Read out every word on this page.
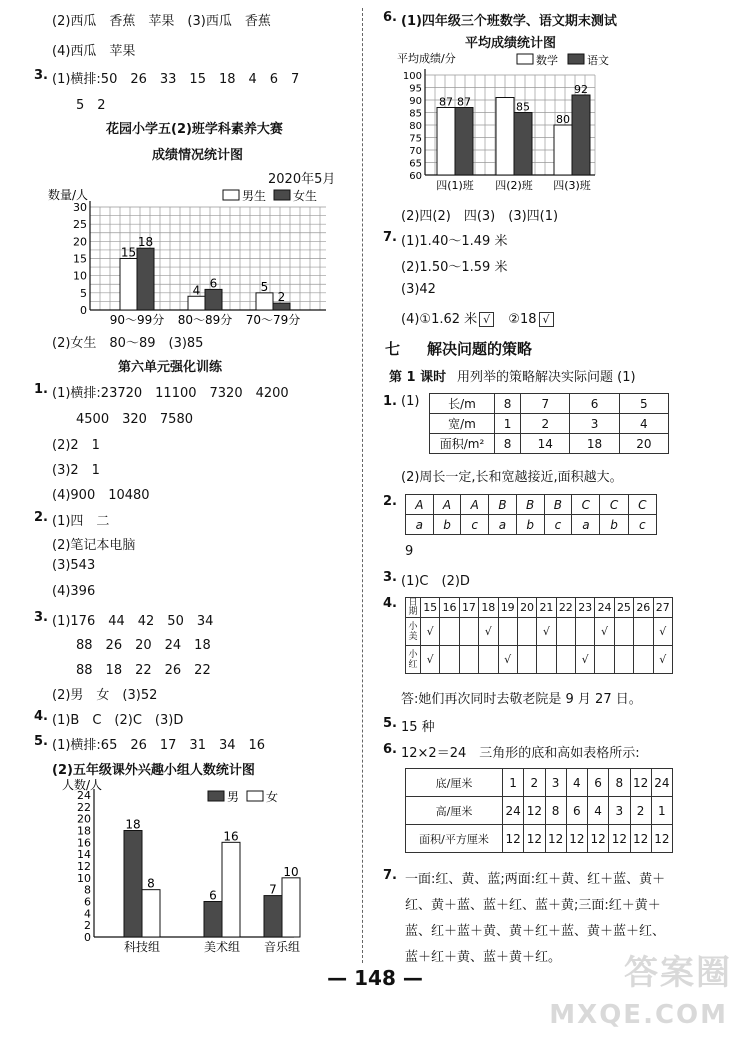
(2)西瓜　香蕉　苹果　(3)西瓜　香蕉
(4)西瓜　苹果
3. (1)横排:50　26　33　15　18　4　6　7
5　2
花园小学五(2)班学科素养大赛
成绩情况统计图
2020年5月
0
5
10
15
20
25
30
数量/人
15
18
90～99分
4 6
80～89分
5
2
70～79分
男生 女生
(2)女生　80～89　(3)85
第六单元强化训练
1. (1)横排:23720　11100　7320　4200
4500　320　7580
(2)2　1
(3)2　1
(4)900　10480
2. (1)四　二
(2)笔记本电脑
(3)543
(4)396
3. (1)176　44　42　50　34
88　26　20　24　18
88　18　22　26　22
(2)男　女　(3)52
4. (1)B　C　(2)C　(3)D
5. (1)横排:65　26　17　31　34　16
(2)五年级课外兴趣小组人数统计图
0
2
4
6
8
10
12
14
16
18
20
22
24
人数/人
18
8
科技组
6
16
美术组
7
10
音乐组
男 女
6. (1)四年级三个班数学、语文期末测试
平均成绩统计图
60
65
70
75
80
85
90
95
100
平均成绩/分
87 87
四(1)班
85
四(2)班
80
92
四(3)班
数学	语文
(2)四(2)　四(3)　(3)四(1)
7. (1)1.40～1.49 米
(2)1.50～1.59 米
(3)42
(4)①1.62 米 √ ②18 √
七 解决问题的策略
第 1 课时 用列举的策略解决实际问题 (1)
1. (1) 长/m	8	7	6	5
宽/m	1	2	3	4
面积/m²	8	14	18	20
(2)周长一定,长和宽越接近,面积越大。
2. A	A	A	B	B	B	C	C	C
a	b	c	a	b	c	a	b	c
9
3. (1)C　(2)D
4. 日期	15	16	17	18	19	20	21	22	23	24	25	26	27
小美	√			√			√			√			√
小红	√				√				√				√
答:她们再次同时去敬老院是 9 月 27 日。
5. 15 种
6. 12×2＝24　三角形的底和高如表格所示:
底/厘米	1	2	3	4	6	8	12	24
高/厘米	24	12	8	6	4	3	2	1
面积/平方厘米	12	12	12	12	12	12	12	12
7. 一面:红、黄、蓝;两面:红＋黄、红＋蓝、黄＋
红、黄＋蓝、蓝＋红、蓝＋黄;三面:红＋黄＋
蓝、红＋蓝＋黄、黄＋红＋蓝、黄＋蓝＋红、
蓝＋红＋黄、蓝＋黄＋红。
— 148 —	答案圈
MXQE.COM
